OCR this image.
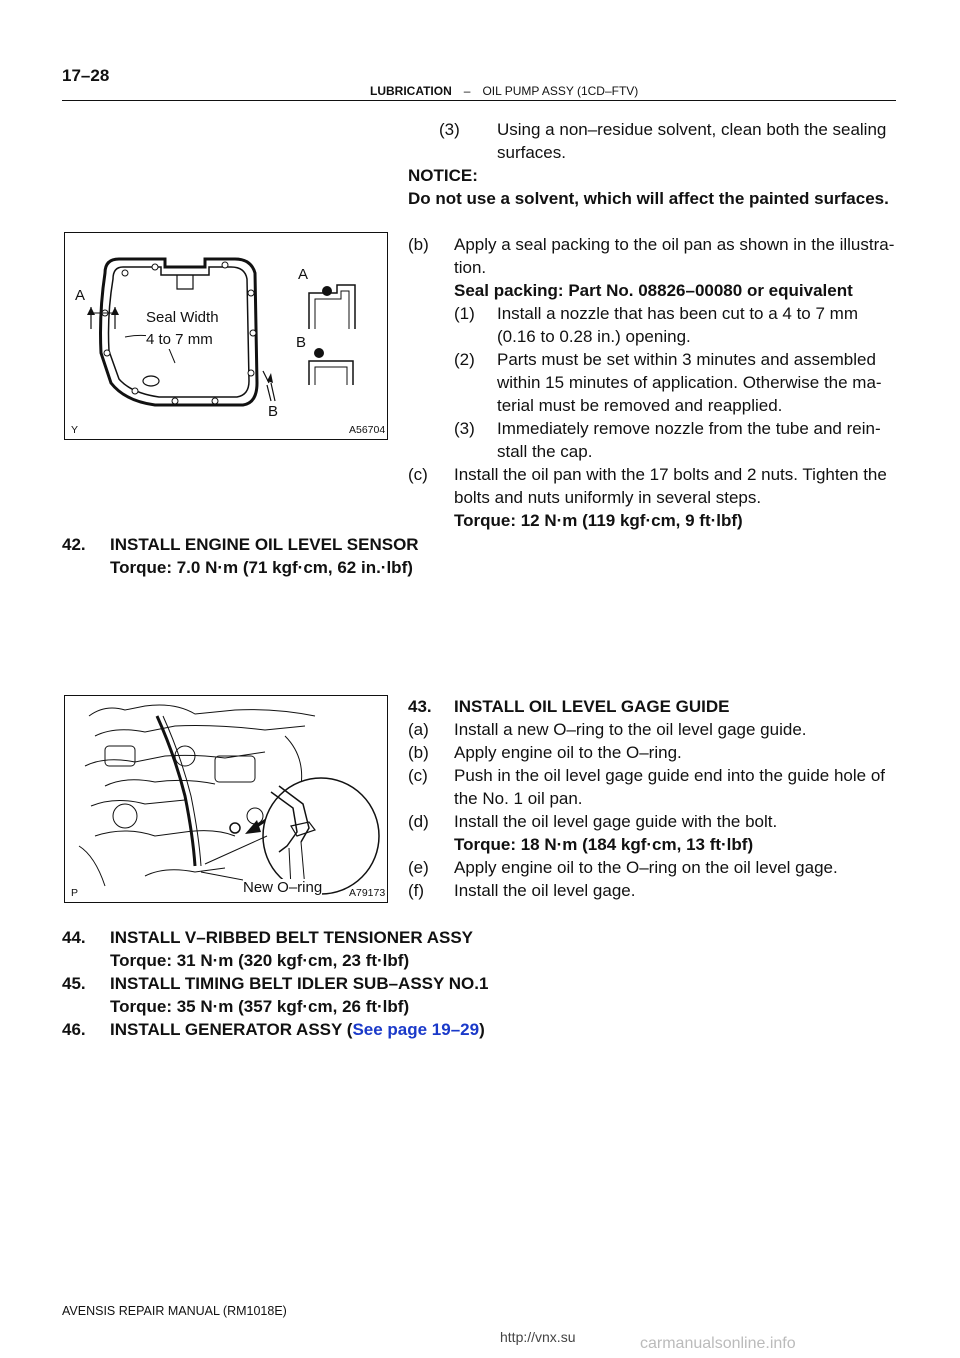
17–28
LUBRICATION – OIL PUMP ASSY (1CD–FTV)
A
A
B
B
Seal Width
4 to 7 mm
Y	A56704
New O–ring
P	A79173
(3) Using a non–residue solvent, clean both the sealing
surfaces.
NOTICE:
Do not use a solvent, which will affect the painted surfaces.
(b) Apply a seal packing to the oil pan as shown in the illustra-
tion.
Seal packing: Part No. 08826–00080 or equivalent
(1) Install a nozzle that has been cut to a 4 to 7 mm
(0.16 to 0.28 in.) opening.
(2) Parts must be set within 3 minutes and assembled
within 15 minutes of application. Otherwise the ma-
terial must be removed and reapplied.
(3) Immediately remove nozzle from the tube and rein-
stall the cap.
(c) Install the oil pan with the 17 bolts and 2 nuts. Tighten the
bolts and nuts uniformly in several steps.
Torque: 12 N·m (119 kgf·cm, 9 ft·lbf)
42. INSTALL ENGINE OIL LEVEL SENSOR
Torque: 7.0 N·m (71 kgf·cm, 62 in.·lbf)
43. INSTALL OIL LEVEL GAGE GUIDE
(a) Install a new O–ring to the oil level gage guide.
(b) Apply engine oil to the O–ring.
(c) Push in the oil level gage guide end into the guide hole of
the No. 1 oil pan.
(d) Install the oil level gage guide with the bolt.
Torque: 18 N·m (184 kgf·cm, 13 ft·lbf)
(e) Apply engine oil to the O–ring on the oil level gage.
(f) Install the oil level gage.
44. INSTALL V–RIBBED BELT TENSIONER ASSY
Torque: 31 N·m (320 kgf·cm, 23 ft·lbf)
45. INSTALL TIMING BELT IDLER SUB–ASSY NO.1
Torque: 35 N·m (357 kgf·cm, 26 ft·lbf)
46. INSTALL GENERATOR ASSY (See page 19–29)
AVENSIS REPAIR MANUAL (RM1018E)
http://vnx.su	carmanualsonline.info
